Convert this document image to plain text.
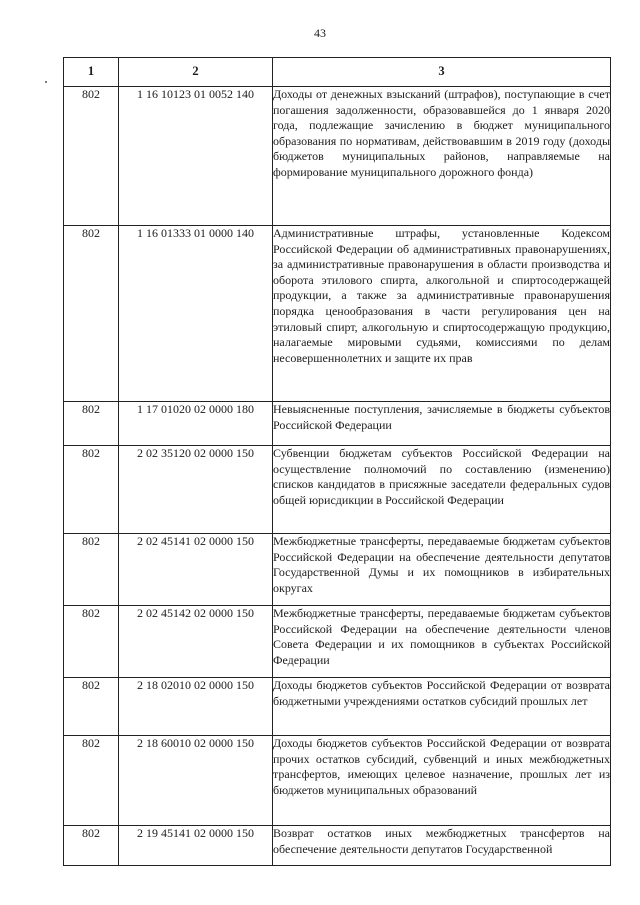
43
1	2	3
802	1 16 10123 01 0052 140	Доходы от денежных взысканий (штрафов), поступающие в счет погашения задолженности, образовавшейся до 1 января 2020 года, подлежащие зачислению в бюджет муниципального образования по нормативам, действовавшим в 2019 году (доходы бюджетов муниципальных районов, направляемые на формирование муниципального дорожного фонда)
802	1 16 01333 01 0000 140	Административные штрафы, установленные Кодексом Российской Федерации об административных правонарушениях, за административные правонарушения в области производства и оборота этилового спирта, алкогольной и спиртосодержащей продукции, а также за административные правонарушения порядка ценообразования в части регулирования цен на этиловый спирт, алкогольную и спиртосодержащую продукцию, налагаемые мировыми судьями, комиссиями по делам несовершеннолетних и защите их прав
802	1 17 01020 02 0000 180	Невыясненные поступления, зачисляемые в бюджеты субъектов Российской Федерации
802	2 02 35120 02 0000 150	Субвенции бюджетам субъектов Российской Федерации на осуществление полномочий по составлению (изменению) списков кандидатов в присяжные заседатели федеральных судов общей юрисдикции в Российской Федерации
802	2 02 45141 02 0000 150	Межбюджетные трансферты, передаваемые бюджетам субъектов Российской Федерации на обеспечение деятельности депутатов Государственной Думы и их помощников в избирательных округах
802	2 02 45142 02 0000 150	Межбюджетные трансферты, передаваемые бюджетам субъектов Российской Федерации на обеспечение деятельности членов Совета Федерации и их помощников в субъектах Российской Федерации
802	2 18 02010 02 0000 150	Доходы бюджетов субъектов Российской Федерации от возврата бюджетными учреждениями остатков субсидий прошлых лет
802	2 18 60010 02 0000 150	Доходы бюджетов субъектов Российской Федерации от возврата прочих остатков субсидий, субвенций и иных межбюджетных трансфертов, имеющих целевое назначение, прошлых лет из бюджетов муниципальных образований
802	2 19 45141 02 0000 150	Возврат остатков иных межбюджетных трансфертов на обеспечение деятельности депутатов Государственной
